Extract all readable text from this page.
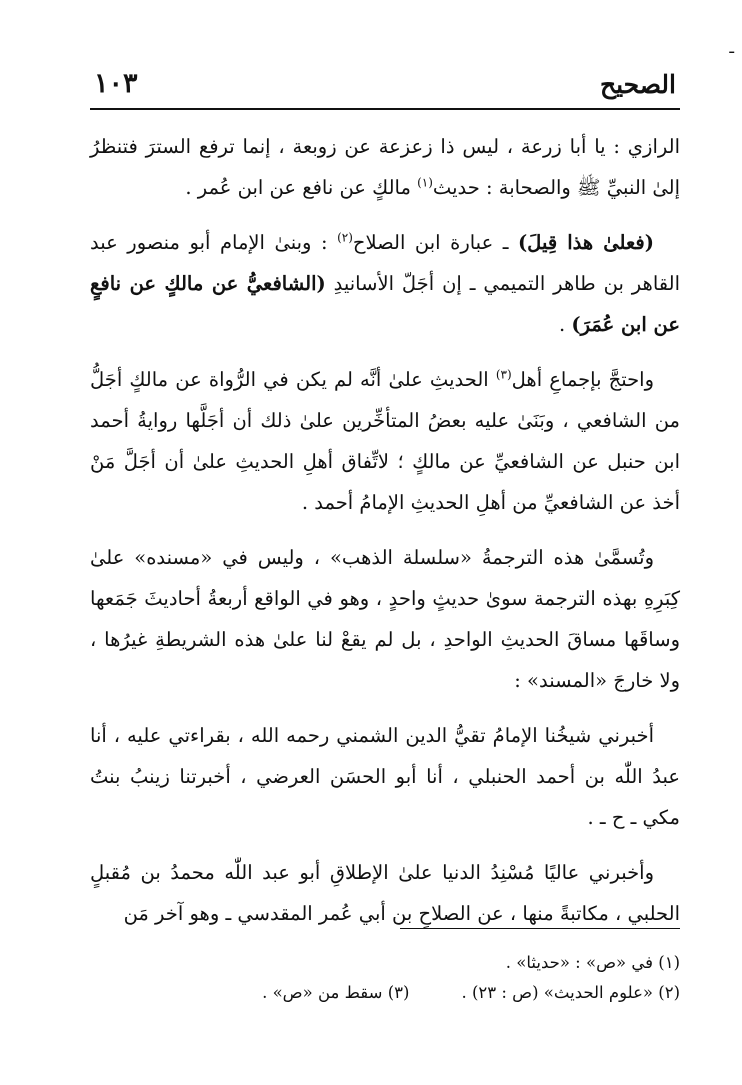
ـ
الصحيح
١٠٣

الرازي : يا أبا زرعة ، ليس ذا زعزعة عن زوبعة ، إنما ترفع السترَ فتنظرُ إلىٰ النبيِّ ﷺ والصحابة : حديث$^{(١)}$ مالكٍ عن نافع عن ابن عُمر .

(فعلىٰ هذا قِيلَ) ـ عبارة ابن الصلاح$^{(٢)}$ : وبنىٰ الإمام أبو منصور عبد القاهر بن طاهر التميمي ـ إن أجَلّ الأسانيدِ (الشافعيُّ عن مالكٍ عن نافعٍ عن ابن عُمَرَ) .

واحتجَّ بإجماعِ أهل$^{(٣)}$ الحديثِ علىٰ أنَّه لم يكن في الرُّواة عن مالكٍ أجَلُّ من الشافعي ، وبَنَىٰ عليه بعضُ المتأخِّرين علىٰ ذلك أن أجَلَّها روايةُ أحمد ابن حنبل عن الشافعيِّ عن مالكٍ ؛ لاتِّفاق أهلِ الحديثِ علىٰ أن أجَلَّ مَنْ أخذ عن الشافعيِّ من أهلِ الحديثِ الإمامُ أحمد .

وتُسمَّىٰ هذه الترجمةُ «سلسلة الذهب» ، وليس في «مسنده» علىٰ كِبَرِهِ بهذه الترجمة سوىٰ حديثٍ واحدٍ ، وهو في الواقع أربعةُ أحاديثَ جَمَعها وساقَها مساقَ الحديثِ الواحدِ ، بل لم يقعْ لنا علىٰ هذه الشريطةِ غيرُها ، ولا خارجَ «المسند» :

أخبرني شيخُنا الإمامُ تقيُّ الدين الشمني رحمه الله ، بقراءتي عليه ، أنا عبدُ اللّٰه بن أحمد الحنبلي ، أنا أبو الحسَن العرضي ، أخبرتنا زينبُ بنتُ مكي ـ ح ـ .

وأخبرني عاليًا مُسْنِدُ الدنيا علىٰ الإطلاقِ أبو عبد اللّٰه محمدُ بن مُقبلٍ الحلبي ، مكاتبةً منها ، عن الصلاحِ بن أبي عُمر المقدسي ـ وهو آخر مَن

(١) في «ص» : «حديثا» .

(٢) «علوم الحديث» (ص : ٢٣) .(٣) سقط من «ص» .
